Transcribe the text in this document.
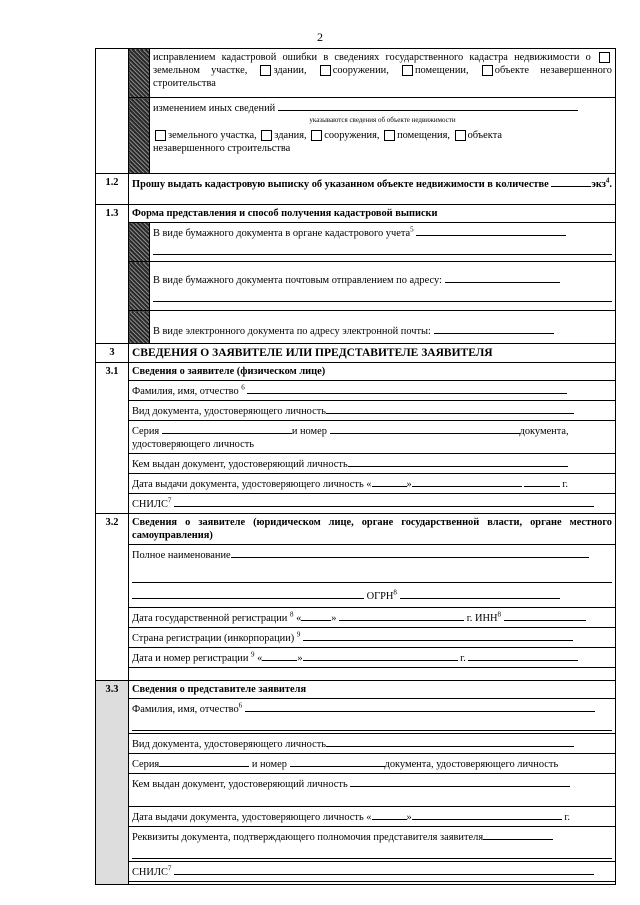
2
		исправлением кадастровой ошибки в сведениях государственного кадастра недвижимости о земельном участке, здании, сооружении, помещении, объекте незавершенного строительства
		изменением иных сведений
указываются сведения об объекте недвижимости
земельного участка, здания, сооружения, помещения, объекта
незавершенного строительства

1.2	Прошу выдать кадастровую выписку об указанном объекте недвижимости в количестве экз$^4$.	
1.3	Форма представления и способ получения кадастровой выписки	
		В виде бумажного документа в органе кадастрового учета$^5$

В виде бумажного документа почтовым отправлением по адресу:

В виде электронного документа по адресу электронной почты:
3	СВЕДЕНИЯ О ЗАЯВИТЕЛЕ ИЛИ ПРЕДСТАВИТЕЛЕ ЗАЯВИТЕЛЯ	
3.1	Сведения о заявителе (физическом лице)	
	Фамилия, имя, отчество $^6$
	Вид документа, удостоверяющего личность	
	Серия и номер документа,
удостоверяющего личность	
	Кем выдан документ, удостоверяющий личность	
	Дата выдачи документа, удостоверяющего личность « » г.	
	СНИЛС$^7$
3.2	Сведения о заявителе (юридическом лице, органе государственной власти, органе местного самоуправления)	
	Полное наименование
ОГРН$^8$

	Дата государственной регистрации $^8$ « » г. ИНН$^8$
	Страна регистрации (инкорпорации) $^9$
	Дата и номер регистрации $^9$ « » г.	

3.3	Сведения о представителе заявителя	
	Фамилия, имя, отчество$^6$

	Вид документа, удостоверяющего личность	
	Серия и номер документа, удостоверяющего личность	
	Кем выдан документ, удостоверяющий личность	
	Дата выдачи документа, удостоверяющего личность « » г.	
	Реквизиты документа, подтверждающего полномочия представителя заявителя	

	СНИЛС$^7$
